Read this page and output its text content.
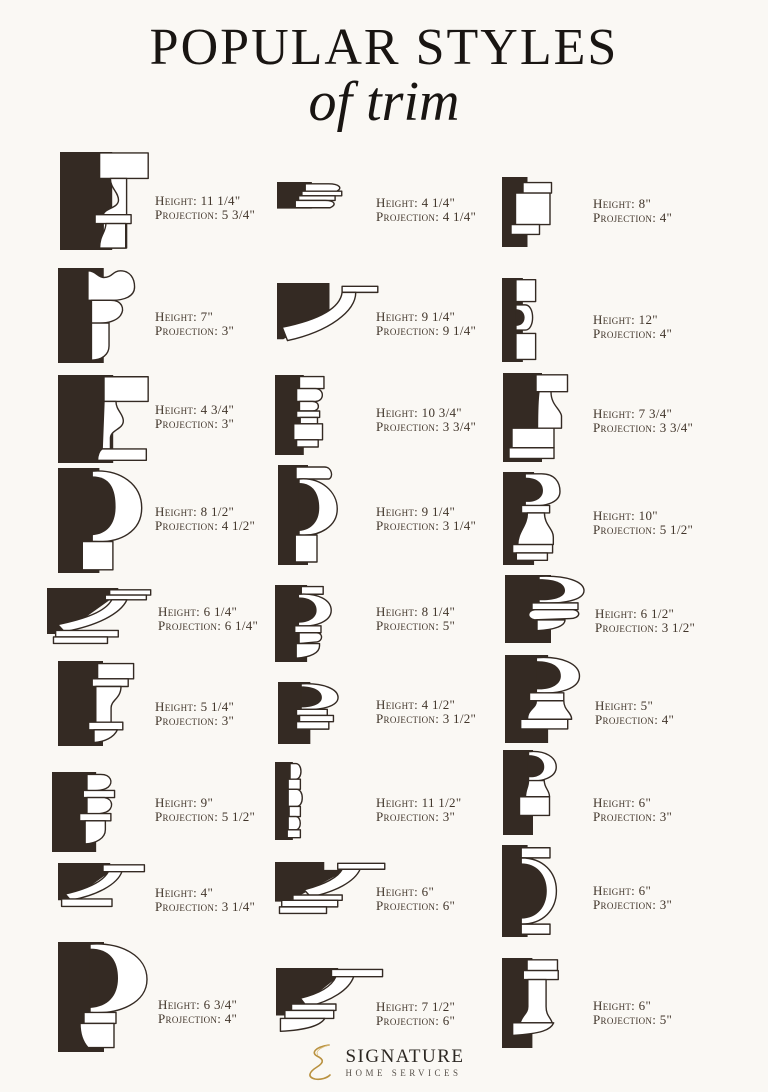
POPULAR STYLES
of trim
Height: 11 1/4"
Projection: 5 3/4"
Height: 7"
Projection: 3"
Height: 4 3/4"
Projection: 3"
Height: 8 1/2"
Projection: 4 1/2"
Height: 6 1/4"
Projection: 6 1/4"
Height: 5 1/4"
Projection: 3"
Height: 9"
Projection: 5 1/2"
Height: 4"
Projection: 3 1/4"
Height: 6 3/4"
Projection: 4"
Height: 4 1/4"
Projection: 4 1/4"
Height: 9 1/4"
Projection: 9 1/4"
Height: 10 3/4"
Projection: 3 3/4"
Height: 9 1/4"
Projection: 3 1/4"
Height: 8 1/4"
Projection: 5"
Height: 4 1/2"
Projection: 3 1/2"
Height: 11 1/2"
Projection: 3"
Height: 6"
Projection: 6"
Height: 7 1/2"
Projection: 6"
Height: 8"
Projection: 4"
Height: 12"
Projection: 4"
Height: 7 3/4"
Projection: 3 3/4"
Height: 10"
Projection: 5 1/2"
Height: 6 1/2"
Projection: 3 1/2"
Height: 5"
Projection: 4"
Height: 6"
Projection: 3"
Height: 6"
Projection: 3"
Height: 6"
Projection: 5"
SIGNATURE
HOME SERVICES
